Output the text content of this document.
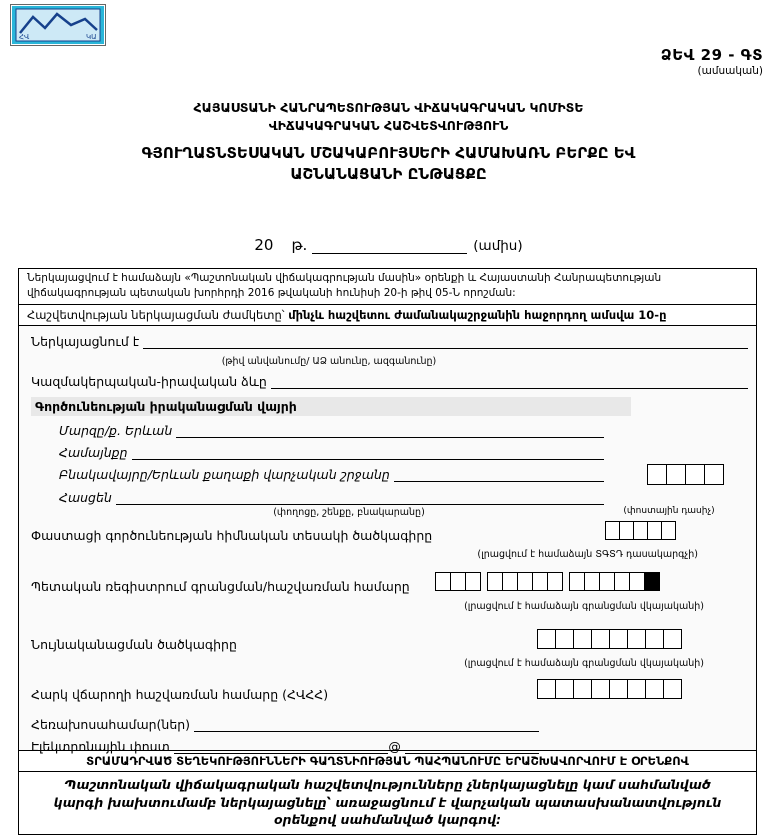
ՀՎ	ԿԱ
ՁԵՎ 29 - ԳՏ
(ամսական)
ՀԱՅԱՍՏԱՆԻ ՀԱՆՐԱՊԵՏՈՒԹՅԱՆ ՎԻՃԱԿԱԳՐԱԿԱՆ ԿՈՄԻՏԵ
ՎԻՃԱԿԱԳՐԱԿԱՆ ՀԱՇՎԵՏՎՈՒԹՅՈՒՆ
ԳՅՈՒՂԱՏՆՏԵՍԱԿԱՆ ՄՇԱԿԱԲՈՒՅՍԵՐԻ ՀԱՄԱԽԱՌՆ ԲԵՐՔԸ ԵՎ
ԱՇՆԱՆԱՑԱՆԻ ԸՆԹԱՑՔԸ
20 թ.	(ամիս)
Ներկայացվում է համաձայն «Պաշտոնական վիճակագրության մասին» օրենքի և Հայաստանի Հանրապետության վիճակագրության պետական խորհրդի 2016 թվականի հունիսի 20-ի թիվ 05-Ն որոշման:
Հաշվետվության ներկայացման ժամկետը՝ մինչև հաշվետու ժամանակաշրջանին հաջորդող ամսվա 10-ը
Ներկայացնում է
(թիվ անվանումը/ ԱՁ անունը, ազգանունը)
Կազմակերպական-իրավական ձևը
Գործունեության իրականացման վայրի
Մարզը/ք. Երևան
Համայնքը
Բնակավայրը/Երևան քաղաքի վարչական շրջանը
Հասցեն
(փողոցը, շենքը, բնակարանը)	(փոստային դասիչ)
Փաստացի գործունեության հիմնական տեսակի ծածկագիրը
(լրացվում է համաձայն ՏԳՏԴ դասակարգչի)
Պետական ռեգիստրում գրանցման/հաշվառման համարը
(լրացվում է համաձայն գրանցման վկայականի)
Նույնականացման ծածկագիրը
(լրացվում է համաձայն գրանցման վկայականի)
Հարկ վճարողի հաշվառման համարը (ՀՎՀՀ)
Հեռախոսահամար(ներ)
Էլեկտրոնային փոստ	@
ՏՐԱՄԱԴՐՎԱԾ ՏԵՂԵԿՈՒԹՅՈՒՆՆԵՐԻ ԳԱՂՏՆԻՈՒԹՅԱՆ ՊԱՀՊԱՆՈՒՄԸ ԵՐԱՇԽԱՎՈՐՎՈՒՄ Է ՕՐԵՆՔՈՎ
Պաշտոնական վիճակագրական հաշվետվությունները չներկայացնելը կամ սահմանված կարգի խախտումամբ ներկայացնելը՝ առաջացնում է վարչական պատասխանատվություն օրենքով սահմանված կարգով:
